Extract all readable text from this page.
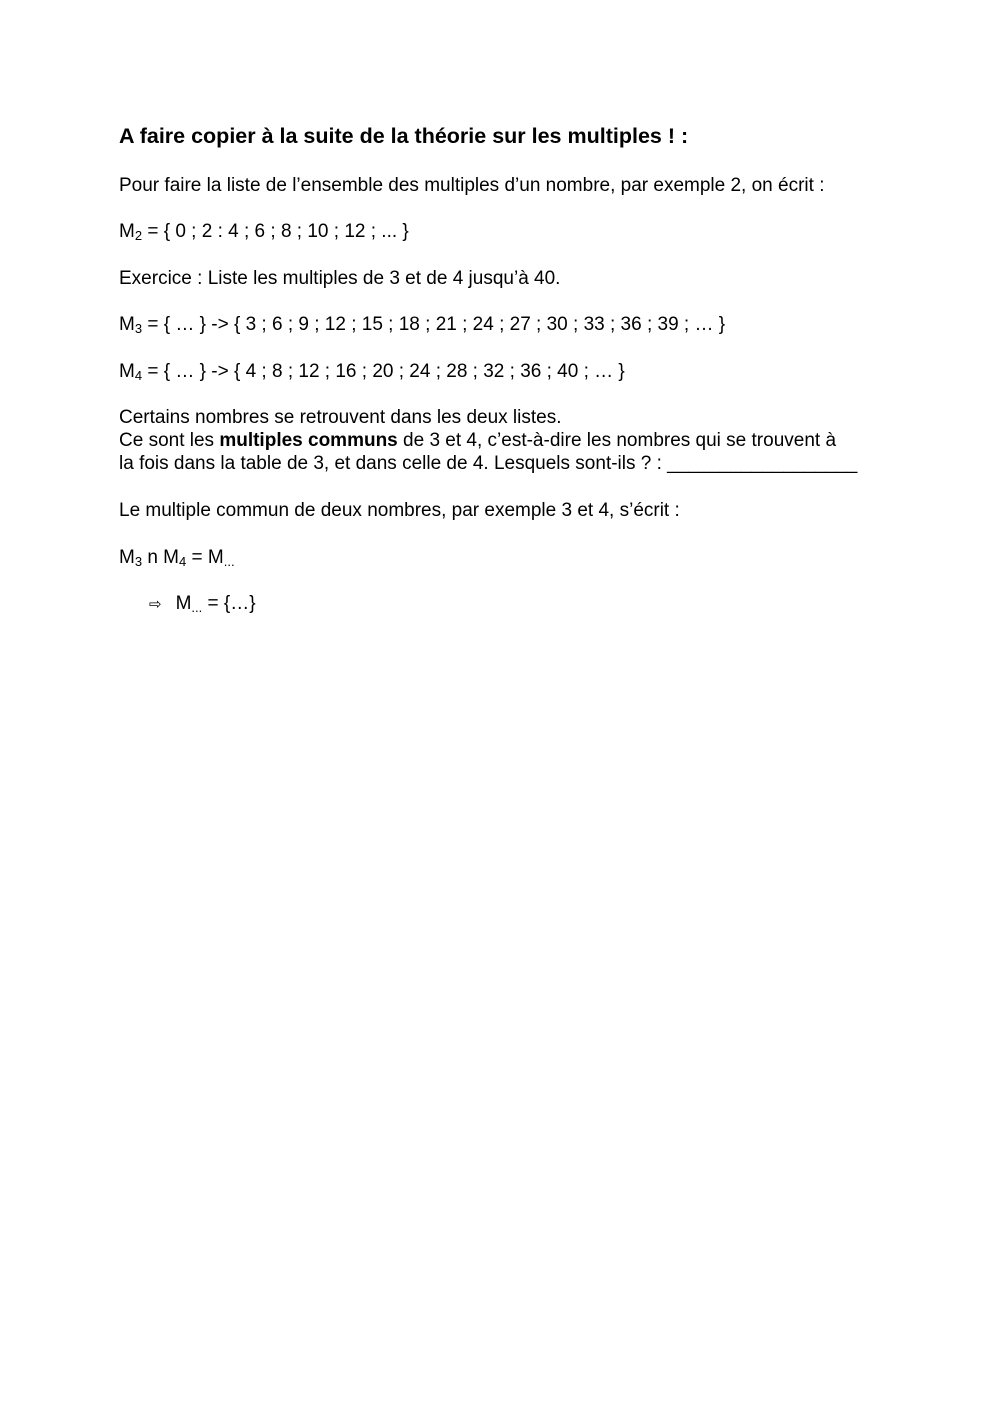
A faire copier à la suite de la théorie sur les multiples ! :
Pour faire la liste de l’ensemble des multiples d’un nombre, par exemple 2, on écrit :
$M_2$ = { 0 ; 2 : 4 ; 6 ; 8 ; 10 ; 12 ; ... }
Exercice : Liste les multiples de 3 et de 4 jusqu’à 40.
$M_3$ = { … } -> { 3 ; 6 ; 9 ; 12 ; 15 ; 18 ; 21 ; 24 ; 27 ; 30 ; 33 ; 36 ; 39 ; … }
$M_4$ = { … } -> { 4 ; 8 ; 12 ; 16 ; 20 ; 24 ; 28 ; 32 ; 36 ; 40 ; … }
Certains nombres se retrouvent dans les deux listes.
Ce sont les multiples communs de 3 et 4, c’est-à-dire les nombres qui se trouvent à
la fois dans la table de 3, et dans celle de 4. Lesquels sont-ils ? : __________________
Le multiple commun de deux nombres, par exemple 3 et 4, s’écrit :
$M_3$ n $M_4 = M_{...}$
⇨ $M_{...}$ = {…}
